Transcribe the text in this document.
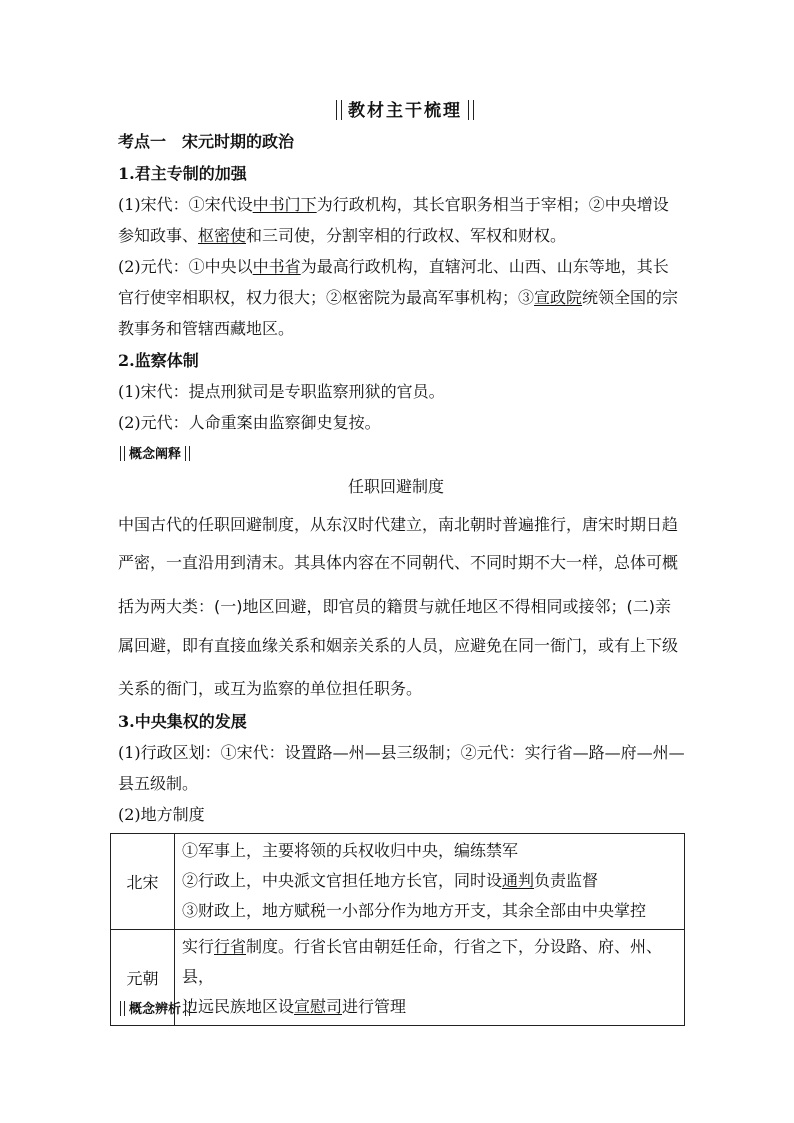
教材主干梳理
考点一　宋元时期的政治
1.君主专制的加强
(1)宋代：①宋代设中书门下为行政机构，其长官职务相当于宰相；②中央增设
参知政事、枢密使和三司使，分割宰相的行政权、军权和财权。
(2)元代：①中央以中书省为最高行政机构，直辖河北、山西、山东等地，其长
官行使宰相职权，权力很大；②枢密院为最高军事机构；③宣政院统领全国的宗
教事务和管辖西藏地区。
2.监察体制
(1)宋代：提点刑狱司是专职监察刑狱的官员。
(2)元代：人命重案由监察御史复按。
概念阐释
任职回避制度
中国古代的任职回避制度，从东汉时代建立，南北朝时普遍推行，唐宋时期日趋
严密，一直沿用到清末。其具体内容在不同朝代、不同时期不大一样，总体可概
括为两大类：(一)地区回避，即官员的籍贯与就任地区不得相同或接邻；(二)亲
属回避，即有直接血缘关系和姻亲关系的人员，应避免在同一衙门，或有上下级
关系的衙门，或互为监察的单位担任职务。
3.中央集权的发展
(1)行政区划：①宋代：设置路—州—县三级制；②元代：实行省—路—府—州—
县五级制。
(2)地方制度
北宋	①军事上，主要将领的兵权收归中央，编练禁军
②行政上，中央派文官担任地方长官，同时设通判负责监督
③财政上，地方赋税一小部分作为地方开支，其余全部由中央掌控

元朝	实行行省制度。行省长官由朝廷任命，行省之下，分设路、府、州、县，
边远民族地区设宣慰司进行管理
概念辨析
